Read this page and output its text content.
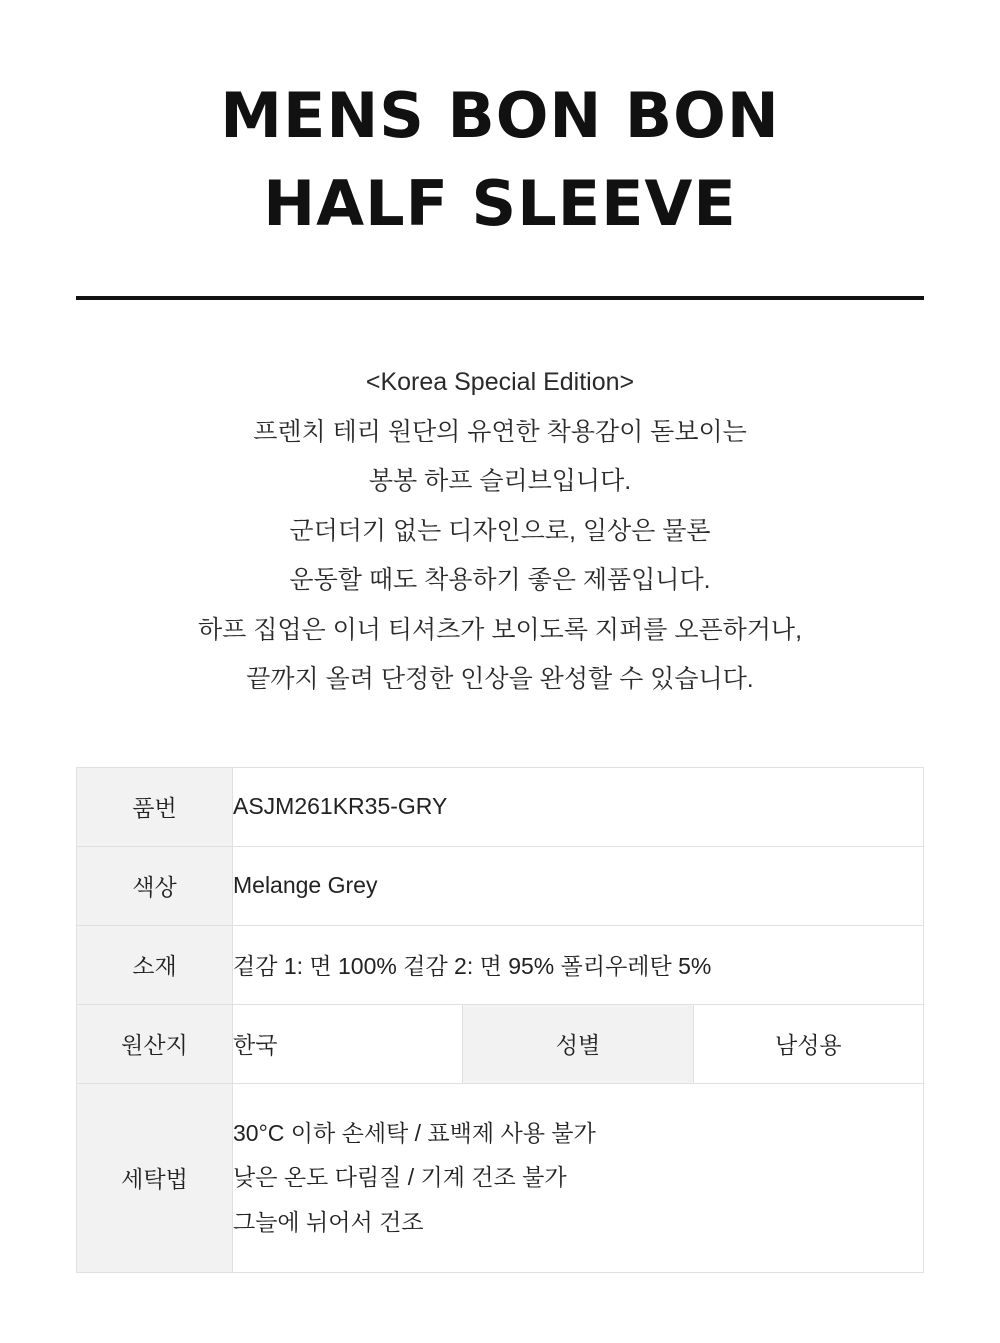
MENS BON BON
HALF SLEEVE

<Korea Special Edition>

프렌치 테리 원단의 유연한 착용감이 돋보이는

봉봉 하프 슬리브입니다.

군더더기 없는 디자인으로, 일상은 물론

운동할 때도 착용하기 좋은 제품입니다.

하프 집업은 이너 티셔츠가 보이도록 지퍼를 오픈하거나,

끝까지 올려 단정한 인상을 완성할 수 있습니다.

품번	ASJM261KR35-GRY		
색상	Melange Grey		
소재	겉감 1: 면 100% 겉감 2: 면 95% 폴리우레탄 5%		
원산지	한국	성별	남성용
세탁법	30°C 이하 손세탁 / 표백제 사용 불가
낮은 온도 다림질 / 기계 건조 불가
그늘에 뉘어서 건조		
